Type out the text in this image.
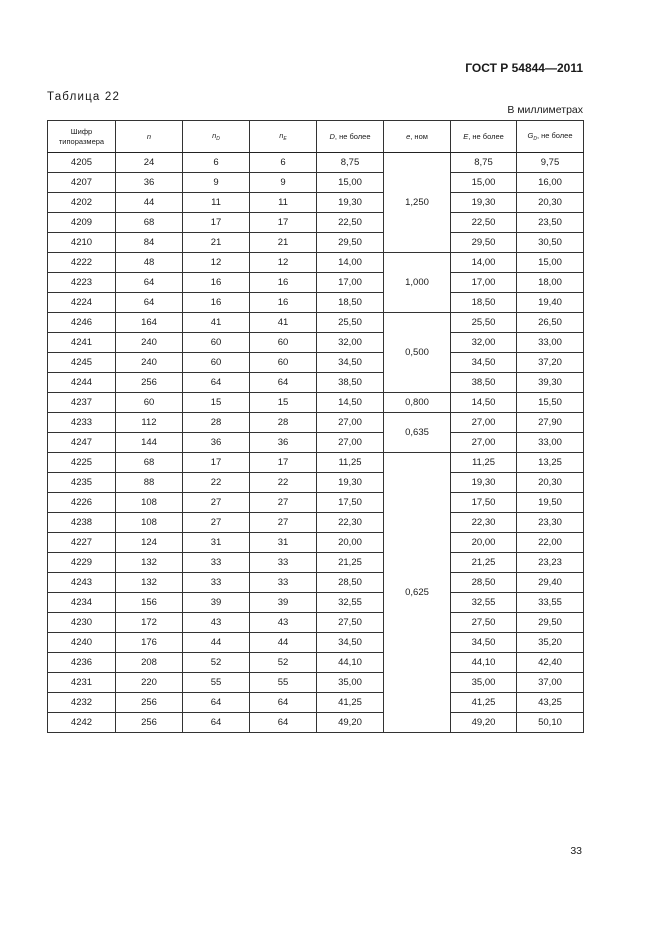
ГОСТ Р 54844—2011
Таблица 22
В миллиметрах
Шифр типоразмера	n	$n_D$	$n_E$	D, не более	e, ном	E, не более	$G_D$, не более
4205	24	6	6	8,75	1,250	8,75	9,75
4207	36	9	9	15,00		15,00	16,00
4202	44	11	11	19,30		19,30	20,30
4209	68	17	17	22,50		22,50	23,50
4210	84	21	21	29,50		29,50	30,50
4222	48	12	12	14,00	1,000	14,00	15,00
4223	64	16	16	17,00		17,00	18,00
4224	64	16	16	18,50		18,50	19,40
4246	164	41	41	25,50	0,500	25,50	26,50
4241	240	60	60	32,00		32,00	33,00
4245	240	60	60	34,50		34,50	37,20
4244	256	64	64	38,50		38,50	39,30
4237	60	15	15	14,50	0,800	14,50	15,50
4233	112	28	28	27,00	0,635	27,00	27,90
4247	144	36	36	27,00		27,00	33,00
4225	68	17	17	11,25	0,625	11,25	13,25
4235	88	22	22	19,30		19,30	20,30
4226	108	27	27	17,50		17,50	19,50
4238	108	27	27	22,30		22,30	23,30
4227	124	31	31	20,00		20,00	22,00
4229	132	33	33	21,25		21,25	23,23
4243	132	33	33	28,50		28,50	29,40
4234	156	39	39	32,55		32,55	33,55
4230	172	43	43	27,50		27,50	29,50
4240	176	44	44	34,50		34,50	35,20
4236	208	52	52	44,10		44,10	42,40
4231	220	55	55	35,00		35,00	37,00
4232	256	64	64	41,25		41,25	43,25
4242	256	64	64	49,20		49,20	50,10
33
